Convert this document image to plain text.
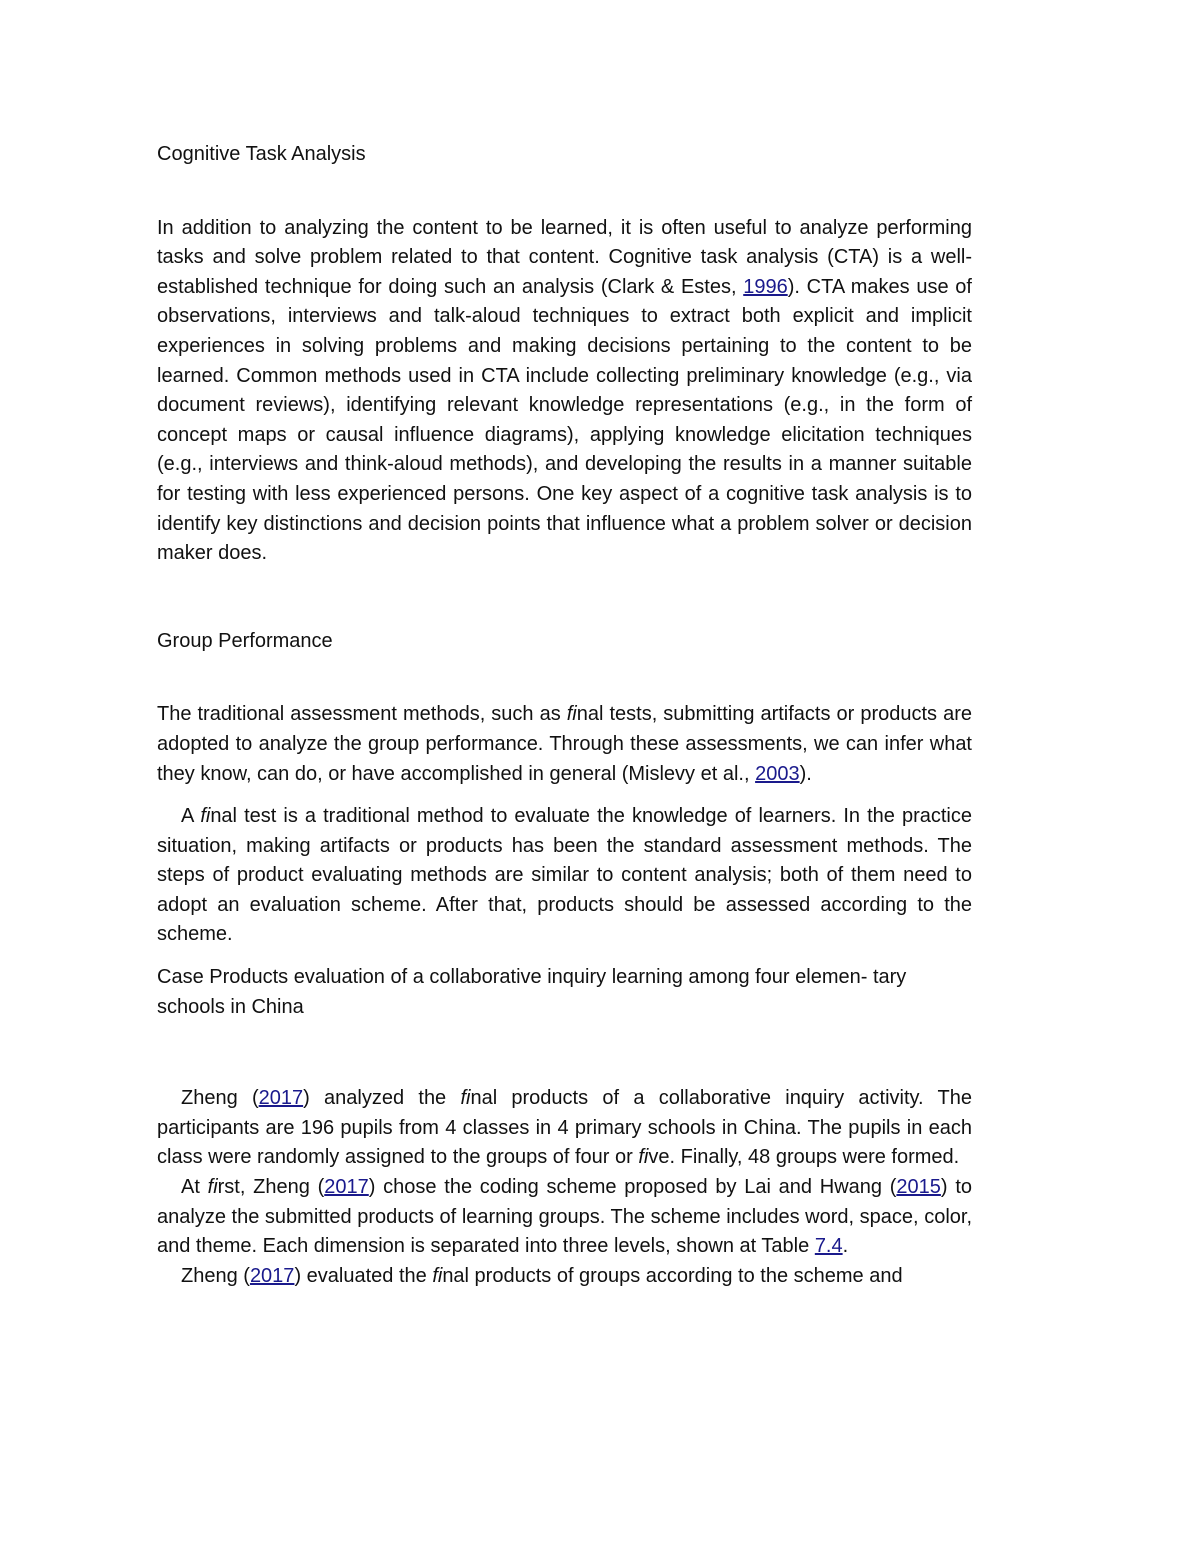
Cognitive Task Analysis

In addition to analyzing the content to be learned, it is often useful to analyze performing tasks and solve problem related to that content. Cognitive task analysis (CTA) is a well-established technique for doing such an analysis (Clark & Estes, 1996). CTA makes use of observations, interviews and talk-aloud techniques to extract both explicit and implicit experiences in solving problems and making decisions pertaining to the content to be learned. Common methods used in CTA include collecting preliminary knowledge (e.g., via document reviews), identifying relevant knowledge representations (e.g., in the form of concept maps or causal influence diagrams), applying knowledge elicitation techniques (e.g., interviews and think-aloud methods), and developing the results in a manner suitable for testing with less experienced persons. One key aspect of a cognitive task analysis is to identify key distinctions and decision points that influence what a problem solver or decision maker does.

Group Performance

The traditional assessment methods, such as final tests, submitting artifacts or products are adopted to analyze the group performance. Through these assessments, we can infer what they know, can do, or have accomplished in general (Mislevy et al., 2003).

A final test is a traditional method to evaluate the knowledge of learners. In the practice situation, making artifacts or products has been the standard assessment methods. The steps of product evaluating methods are similar to content analysis; both of them need to adopt an evaluation scheme. After that, products should be assessed according to the scheme.

Case Products evaluation of a collaborative inquiry learning among four elemen- tary schools in China

Zheng (2017) analyzed the final products of a collaborative inquiry activity. The participants are 196 pupils from 4 classes in 4 primary schools in China. The pupils in each class were randomly assigned to the groups of four or five. Finally, 48 groups were formed.

At first, Zheng (2017) chose the coding scheme proposed by Lai and Hwang (2015) to analyze the submitted products of learning groups. The scheme includes word, space, color, and theme. Each dimension is separated into three levels, shown at Table 7.4.

Zheng (2017) evaluated the final products of groups according to the scheme and
